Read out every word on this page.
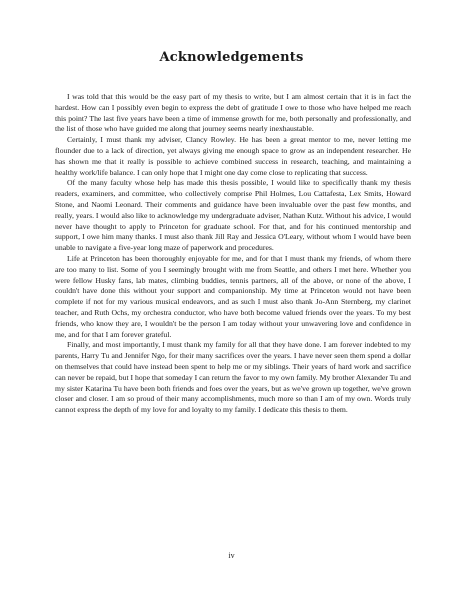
Acknowledgements

I was told that this would be the easy part of my thesis to write, but I am almost certain that it is in fact the hardest. How can I possibly even begin to express the debt of gratitude I owe to those who have helped me reach this point? The last five years have been a time of immense growth for me, both personally and professionally, and the list of those who have guided me along that journey seems nearly inexhaustable.

Certainly, I must thank my adviser, Clancy Rowley. He has been a great mentor to me, never letting me flounder due to a lack of direction, yet always giving me enough space to grow as an independent researcher. He has shown me that it really is possible to achieve combined success in research, teaching, and maintaining a healthy work/life balance. I can only hope that I might one day come close to replicating that success.

Of the many faculty whose help has made this thesis possible, I would like to specifically thank my thesis readers, examiners, and committee, who collectively comprise Phil Holmes, Lou Cattafesta, Lex Smits, Howard Stone, and Naomi Leonard. Their comments and guidance have been invaluable over the past few months, and really, years. I would also like to acknowledge my undergraduate adviser, Nathan Kutz. Without his advice, I would never have thought to apply to Princeton for graduate school. For that, and for his continued mentorship and support, I owe him many thanks. I must also thank Jill Ray and Jessica O'Leary, without whom I would have been unable to navigate a five-year long maze of paperwork and procedures.

Life at Princeton has been thoroughly enjoyable for me, and for that I must thank my friends, of whom there are too many to list. Some of you I seemingly brought with me from Seattle, and others I met here. Whether you were fellow Husky fans, lab mates, climbing buddies, tennis partners, all of the above, or none of the above, I couldn't have done this without your support and companionship. My time at Princeton would not have been complete if not for my various musical endeavors, and as such I must also thank Jo-Ann Sternberg, my clarinet teacher, and Ruth Ochs, my orchestra conductor, who have both become valued friends over the years. To my best friends, who know they are, I wouldn't be the person I am today without your unwavering love and confidence in me, and for that I am forever grateful.

Finally, and most importantly, I must thank my family for all that they have done. I am forever indebted to my parents, Harry Tu and Jennifer Ngo, for their many sacrifices over the years. I have never seen them spend a dollar on themselves that could have instead been spent to help me or my siblings. Their years of hard work and sacrifice can never be repaid, but I hope that someday I can return the favor to my own family. My brother Alexander Tu and my sister Katarina Tu have been both friends and foes over the years, but as we've grown up together, we've grown closer and closer. I am so proud of their many accomplishments, much more so than I am of my own. Words truly cannot express the depth of my love for and loyalty to my family. I dedicate this thesis to them.

iv
